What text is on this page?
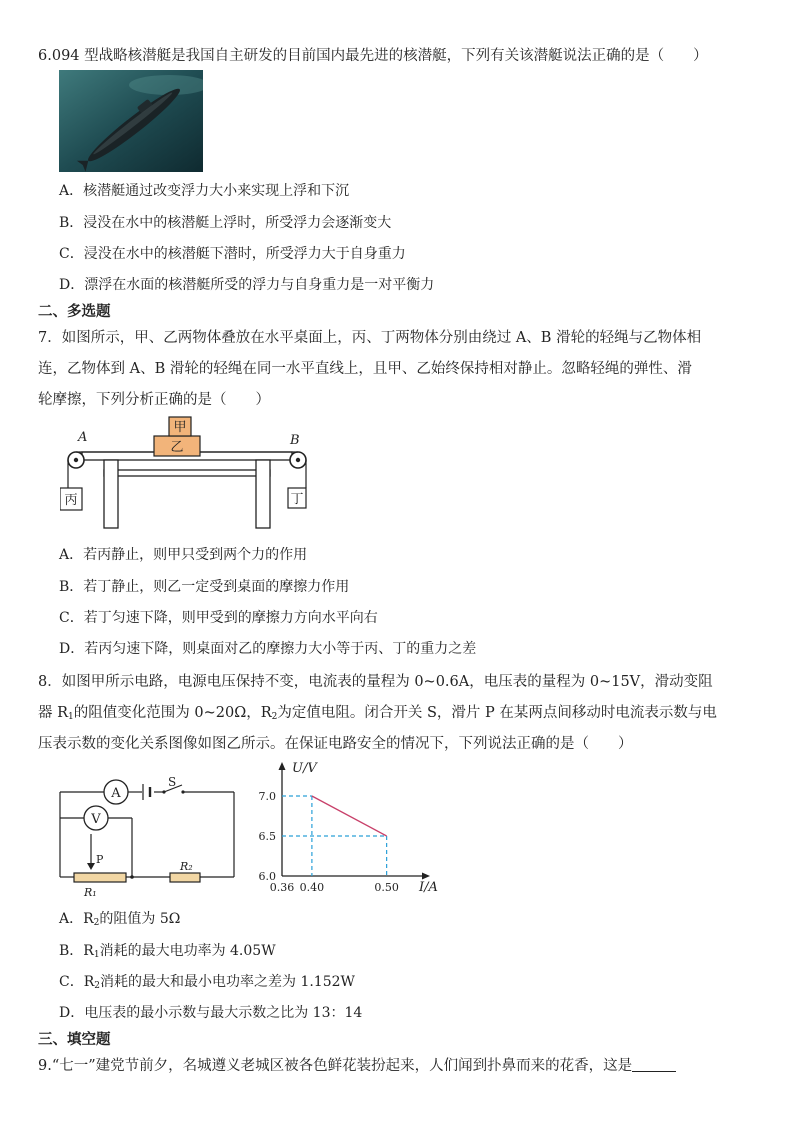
6.094 型战略核潜艇是我国自主研发的目前国内最先进的核潜艇，下列有关该潜艇说法正确的是（　　）
A．核潜艇通过改变浮力大小来实现上浮和下沉
B．浸没在水中的核潜艇上浮时，所受浮力会逐渐变大
C．浸没在水中的核潜艇下潜时，所受浮力大于自身重力
D．漂浮在水面的核潜艇所受的浮力与自身重力是一对平衡力
二、多选题
7．如图所示，甲、乙两物体叠放在水平桌面上，丙、丁两物体分别由绕过 A、B 滑轮的轻绳与乙物体相
连，乙物体到 A、B 滑轮的轻绳在同一水平直线上，且甲、乙始终保持相对静止。忽略轻绳的弹性、滑
轮摩擦，下列分析正确的是（　　）
乙
甲
丙	丁
A	B
A．若丙静止，则甲只受到两个力的作用
B．若丁静止，则乙一定受到桌面的摩擦力作用
C．若丁匀速下降，则甲受到的摩擦力方向水平向右
D．若丙匀速下降，则桌面对乙的摩擦力大小等于丙、丁的重力之差
8．如图甲所示电路，电源电压保持不变，电流表的量程为 0~0.6A，电压表的量程为 0~15V，滑动变阻
器 $R_1$的阻值变化范围为 0~20Ω，$R_2$为定值电阻。闭合开关 S，滑片 P 在某两点间移动时电流表示数与电
压表示数的变化关系图像如图乙所示。在保证电路安全的情况下，下列说法正确的是（　　）
A
V
S
P
R₁
R₂
U/V
I/A
0.36 0.40	0.50
6.0
6.5
7.0
A．$R_2$的阻值为 5Ω
B．$R_1$消耗的最大电功率为 4.05W
C．$R_2$消耗的最大和最小电功率之差为 1.152W
D．电压表的最小示数与最大示数之比为 13：14
三、填空题
9.“七一”建党节前夕，名城遵义老城区被各色鲜花装扮起来，人们闻到扑鼻而来的花香，这是
